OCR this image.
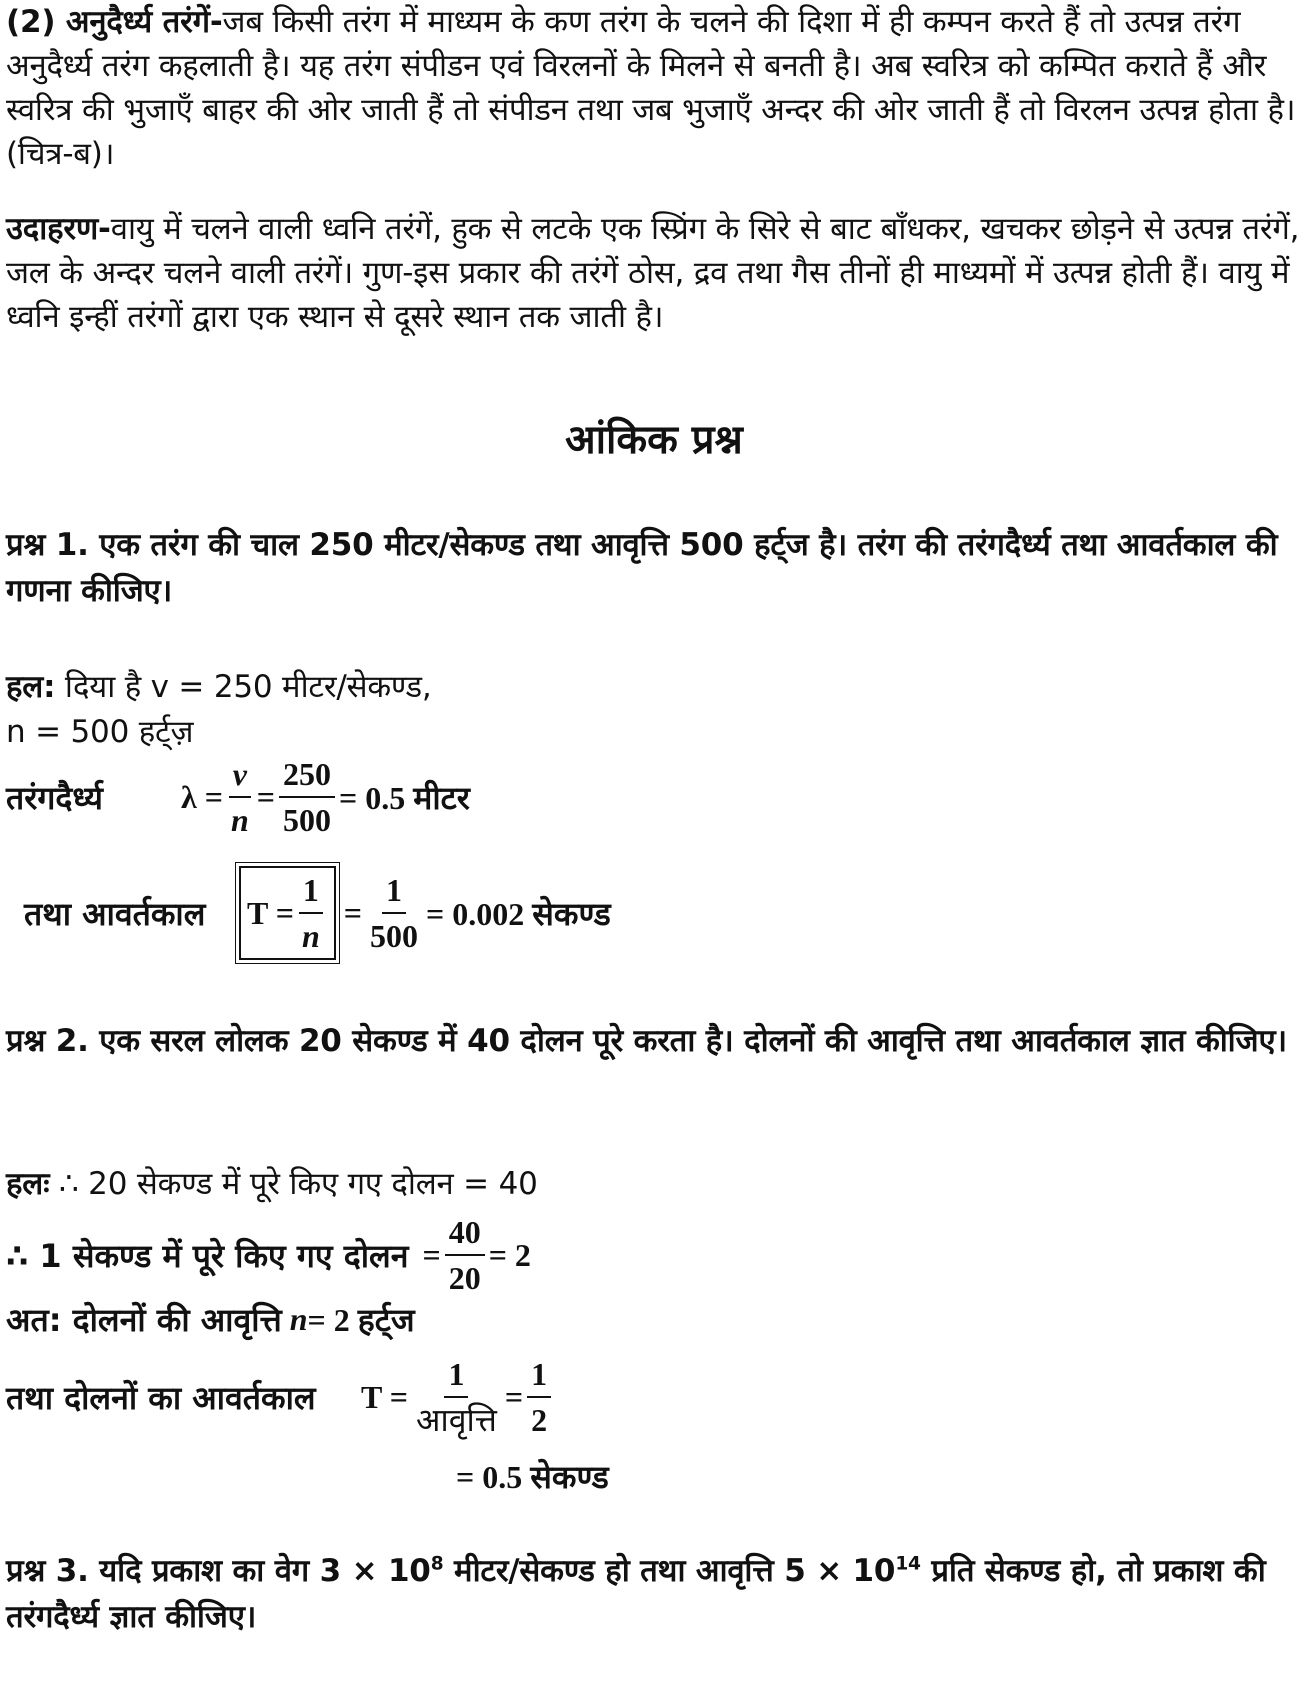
(2) अनुदैर्ध्य तरंगें-जब किसी तरंग में माध्यम के कण तरंग के चलने की दिशा में ही कम्पन करते हैं तो उत्पन्न तरंग अनुदैर्ध्य तरंग कहलाती है। यह तरंग संपीडन एवं विरलनों के मिलने से बनती है। अब स्वरित्र को कम्पित कराते हैं और स्वरित्र की भुजाएँ बाहर की ओर जाती हैं तो संपीडन तथा जब भुजाएँ अन्दर की ओर जाती हैं तो विरलन उत्पन्न होता है। (चित्र-ब)।

उदाहरण-वायु में चलने वाली ध्वनि तरंगें, हुक से लटके एक स्प्रिंग के सिरे से बाट बाँधकर, खचकर छोड़ने से उत्पन्न तरंगें, जल के अन्दर चलने वाली तरंगें। गुण-इस प्रकार की तरंगें ठोस, द्रव तथा गैस तीनों ही माध्यमों में उत्पन्न होती हैं। वायु में ध्वनि इन्हीं तरंगों द्वारा एक स्थान से दूसरे स्थान तक जाती है।

आंकिक प्रश्न

प्रश्न 1. एक तरंग की चाल 250 मीटर/सेकण्ड तथा आवृत्ति 500 हर्ट्ज है। तरंग की तरंगदैर्ध्य तथा आवर्तकाल की गणना कीजिए।

हल: दिया है v = 250 मीटर/सेकण्ड,

n = 500 हर्ट्ज़

तरंगदैर्ध्य	$\lambda = \frac{v}{n} = \frac{250}{500} = 0.5$ मीटर
तथा आवर्तकाल	$T = \frac{1}{n} = \frac{1}{500} = 0.002$ सेकण्ड

प्रश्न 2. एक सरल लोलक 20 सेकण्ड में 40 दोलन पूरे करता है। दोलनों की आवृत्ति तथा आवर्तकाल ज्ञात कीजिए।

हलः ∴ 20 सेकण्ड में पूरे किए गए दोलन = 40

∴ 1 सेकण्ड में पूरे किए गए दोलन = $\frac{40}{20} = 2$
अत: दोलनों की आवृत्ति n = 2 हर्ट्ज
तथा दोलनों का आवर्तकाल	$T = \frac{1}{\text{आवृत्ति}} = \frac{1}{2}$
= 0.5 सेकण्ड

प्रश्न 3. यदि प्रकाश का वेग $3 \times 10^8$ मीटर/सेकण्ड हो तथा आवृत्ति $5 \times 10^{14}$ प्रति सेकण्ड हो, तो प्रकाश की तरंगदैर्ध्य ज्ञात कीजिए।
